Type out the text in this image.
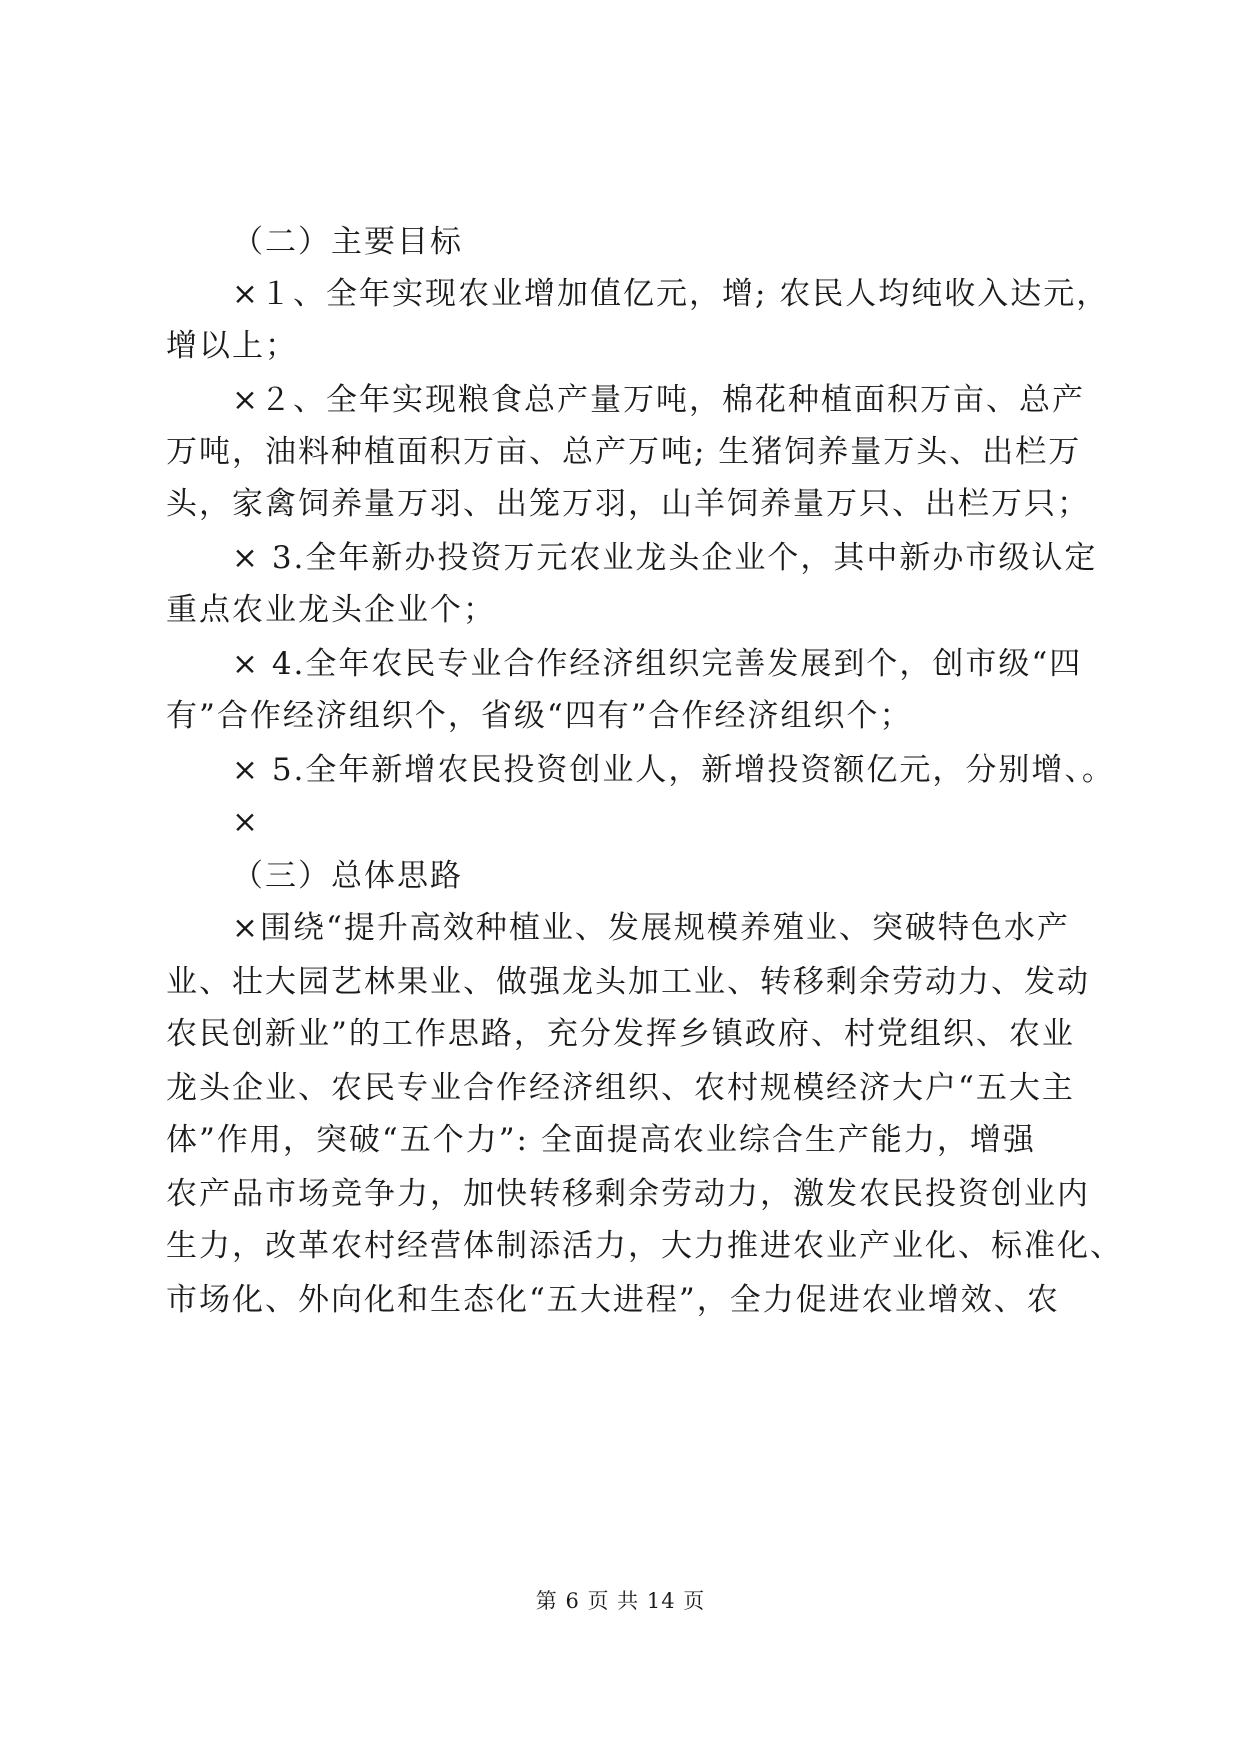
（二）主要目标
×１、全年实现农业增加值亿元，增; 农民人均纯收入达元，
增以上；
×２、全年实现粮食总产量万吨，棉花种植面积万亩、总产
万吨，油料种植面积万亩、总产万吨; 生猪饲养量万头、出栏万
头，家禽饲养量万羽、出笼万羽，山羊饲养量万只、出栏万只；
× 3.全年新办投资万元农业龙头企业个，其中新办市级认定
重点农业龙头企业个；
× 4.全年农民专业合作经济组织完善发展到个，创市级“四
有”合作经济组织个，省级“四有”合作经济组织个；
× 5.全年新增农民投资创业人，新增投资额亿元，分别增、。
×
（三）总体思路
×围绕“提升高效种植业、发展规模养殖业、突破特色水产
业、壮大园艺林果业、做强龙头加工业、转移剩余劳动力、发动
农民创新业”的工作思路，充分发挥乡镇政府、村党组织、农业
龙头企业、农民专业合作经济组织、农村规模经济大户“五大主
体”作用，突破“五个力”: 全面提高农业综合生产能力，增强
农产品市场竞争力，加快转移剩余劳动力，激发农民投资创业内
生力，改革农村经营体制添活力，大力推进农业产业化、标准化、
市场化、外向化和生态化“五大进程”，全力促进农业增效、农
第 6 页 共 14 页
